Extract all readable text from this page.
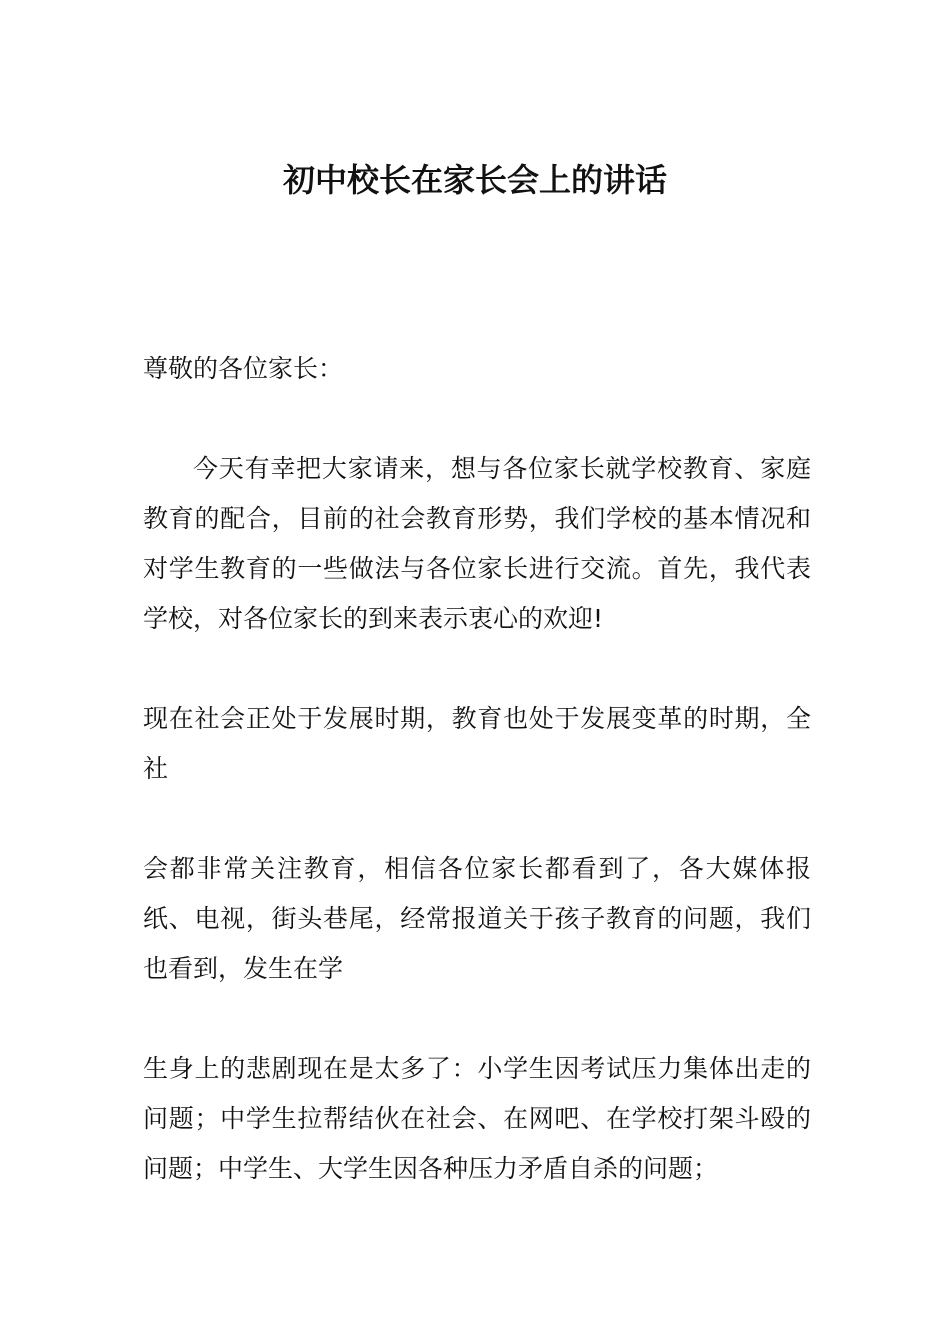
初中校长在家长会上的讲话

尊敬的各位家长：

今天有幸把大家请来，想与各位家长就学校教育、家庭教育的配合，目前的社会教育形势，我们学校的基本情况和对学生教育的一些做法与各位家长进行交流。首先，我代表学校，对各位家长的到来表示衷心的欢迎!

现在社会正处于发展时期，教育也处于发展变革的时期，全社

会都非常关注教育，相信各位家长都看到了，各大媒体报纸、电视，街头巷尾，经常报道关于孩子教育的问题，我们也看到，发生在学

生身上的悲剧现在是太多了：小学生因考试压力集体出走的问题；中学生拉帮结伙在社会、在网吧、在学校打架斗殴的问题；中学生、大学生因各种压力矛盾自杀的问题；
